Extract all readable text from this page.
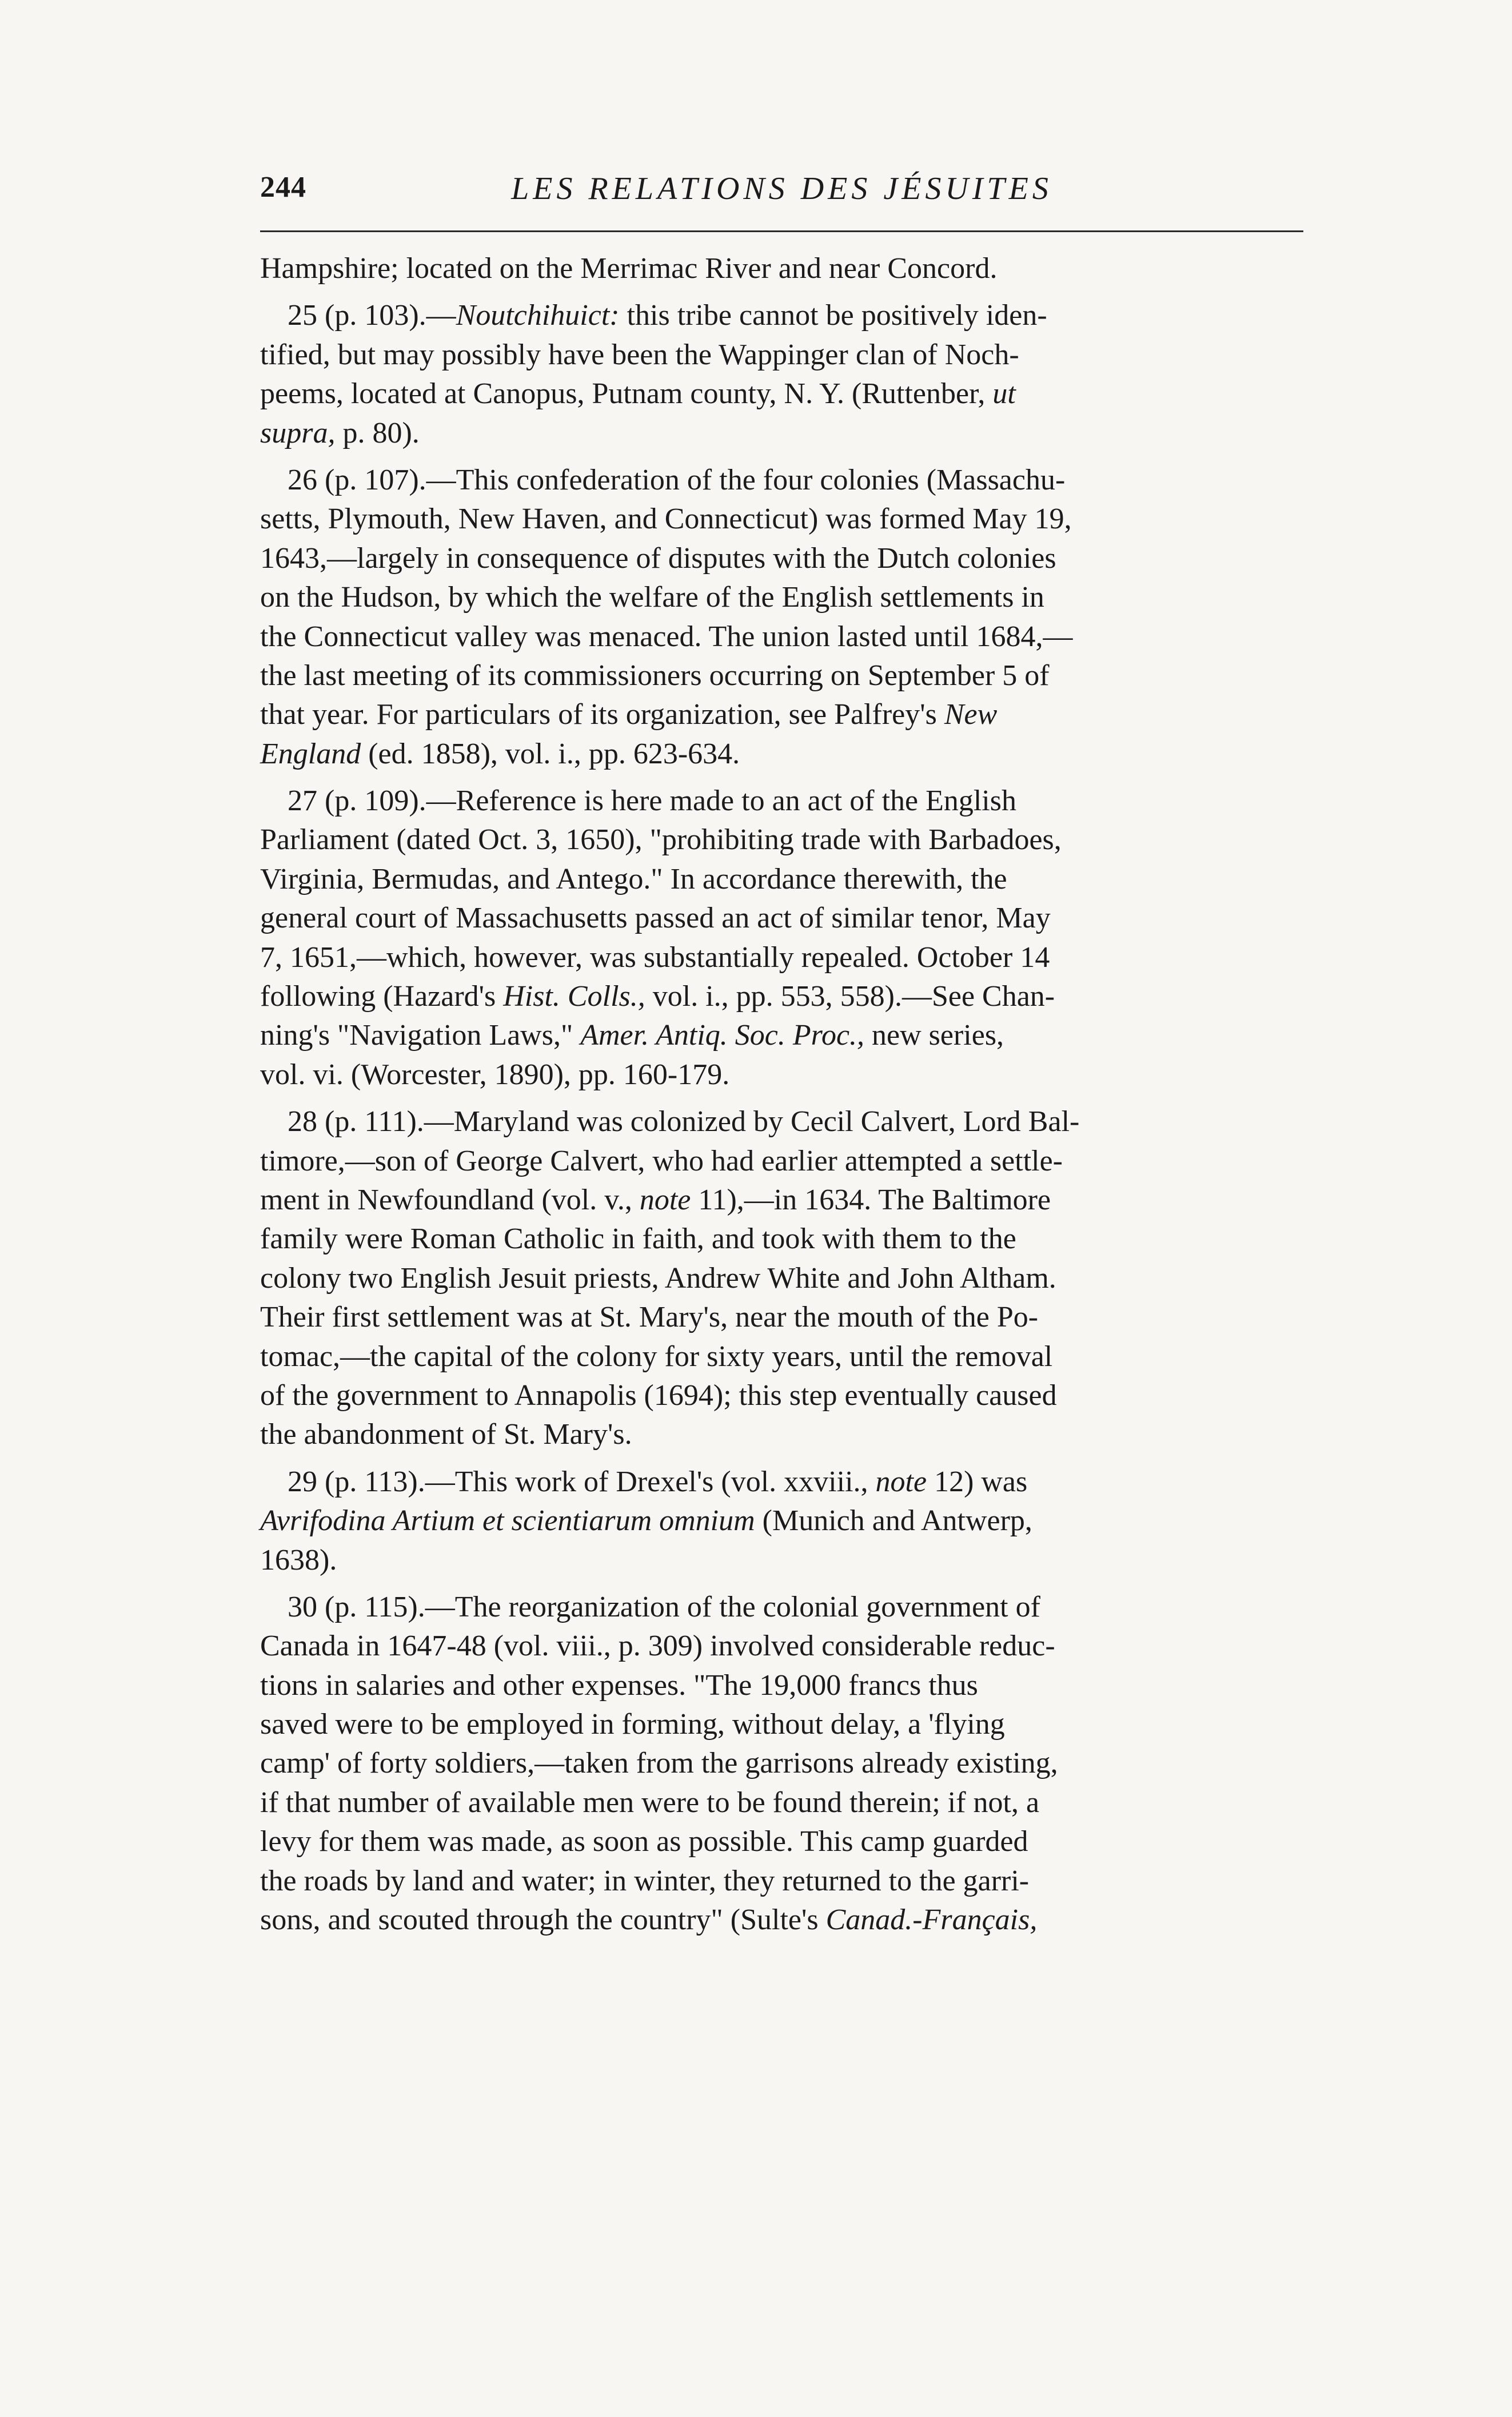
244	LES RELATIONS DES JÉSUITES
Hampshire; located on the Merrimac River and near Concord.
25 (p. 103).—Noutchihuict: this tribe cannot be positively iden-
tified, but may possibly have been the Wappinger clan of Noch-
peems, located at Canopus, Putnam county, N. Y. (Ruttenber, ut
supra, p. 80).
26 (p. 107).—This confederation of the four colonies (Massachu-
setts, Plymouth, New Haven, and Connecticut) was formed May 19,
1643,—largely in consequence of disputes with the Dutch colonies
on the Hudson, by which the welfare of the English settlements in
the Connecticut valley was menaced. The union lasted until 1684,—
the last meeting of its commissioners occurring on September 5 of
that year. For particulars of its organization, see Palfrey's New
England (ed. 1858), vol. i., pp. 623-634.
27 (p. 109).—Reference is here made to an act of the English
Parliament (dated Oct. 3, 1650), "prohibiting trade with Barbadoes,
Virginia, Bermudas, and Antego." In accordance therewith, the
general court of Massachusetts passed an act of similar tenor, May
7, 1651,—which, however, was substantially repealed. October 14
following (Hazard's Hist. Colls., vol. i., pp. 553, 558).—See Chan-
ning's "Navigation Laws," Amer. Antiq. Soc. Proc., new series,
vol. vi. (Worcester, 1890), pp. 160-179.
28 (p. 111).—Maryland was colonized by Cecil Calvert, Lord Bal-
timore,—son of George Calvert, who had earlier attempted a settle-
ment in Newfoundland (vol. v., note 11),—in 1634. The Baltimore
family were Roman Catholic in faith, and took with them to the
colony two English Jesuit priests, Andrew White and John Altham.
Their first settlement was at St. Mary's, near the mouth of the Po-
tomac,—the capital of the colony for sixty years, until the removal
of the government to Annapolis (1694); this step eventually caused
the abandonment of St. Mary's.
29 (p. 113).—This work of Drexel's (vol. xxviii., note 12) was
Avrifodina Artium et scientiarum omnium (Munich and Antwerp,
1638).
30 (p. 115).—The reorganization of the colonial government of
Canada in 1647-48 (vol. viii., p. 309) involved considerable reduc-
tions in salaries and other expenses. "The 19,000 francs thus
saved were to be employed in forming, without delay, a 'flying
camp' of forty soldiers,—taken from the garrisons already existing,
if that number of available men were to be found therein; if not, a
levy for them was made, as soon as possible. This camp guarded
the roads by land and water; in winter, they returned to the garri-
sons, and scouted through the country" (Sulte's Canad.-Français,
